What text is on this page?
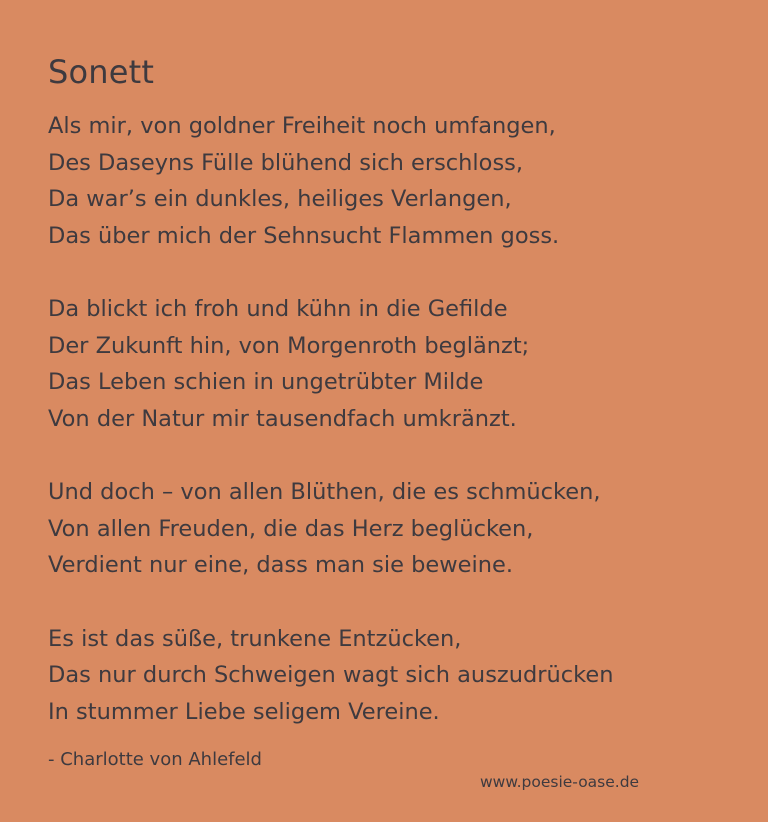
Sonett
Als mir, von goldner Freiheit noch umfangen,
Des Daseyns Fülle blühend sich erschloss,
Da war’s ein dunkles, heiliges Verlangen,
Das über mich der Sehnsucht Flammen goss.
Da blickt ich froh und kühn in die Gefilde
Der Zukunft hin, von Morgenroth beglänzt;
Das Leben schien in ungetrübter Milde
Von der Natur mir tausendfach umkränzt.
Und doch – von allen Blüthen, die es schmücken,
Von allen Freuden, die das Herz beglücken,
Verdient nur eine, dass man sie beweine.
Es ist das süße, trunkene Entzücken,
Das nur durch Schweigen wagt sich auszudrücken
In stummer Liebe seligem Vereine.
- Charlotte von Ahlefeld
www.poesie-oase.de
